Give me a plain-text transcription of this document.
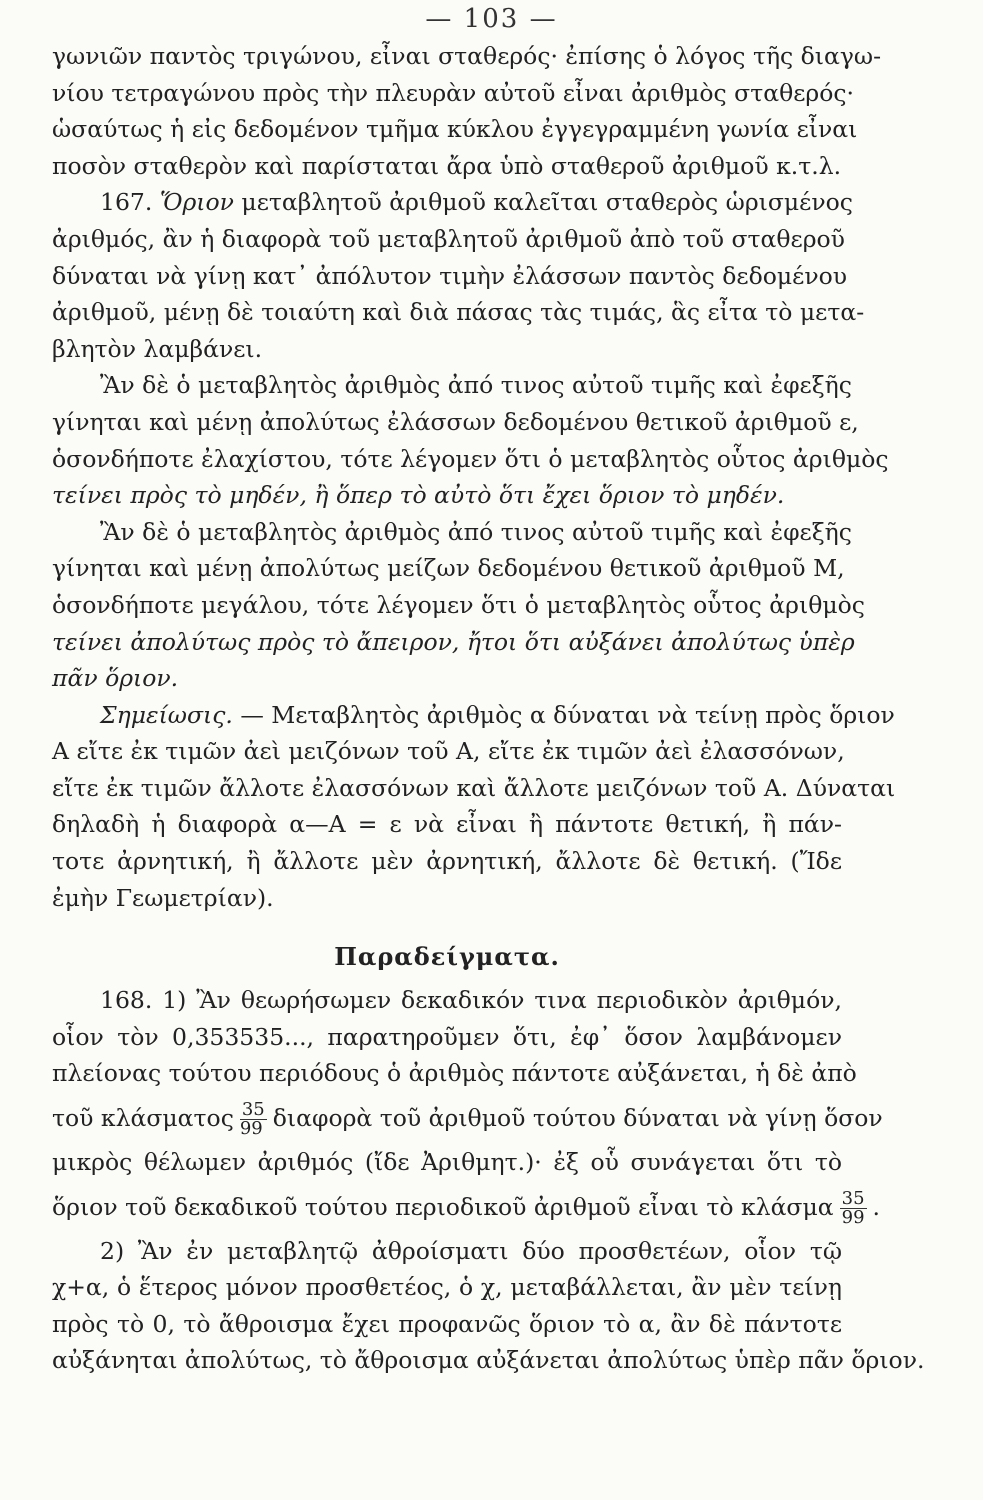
— 103 —
γωνιῶν παντὸς τριγώνου, εἶναι σταθερός· ἐπίσης ὁ λόγος τῆς διαγω-
νίου τετραγώνου πρὸς τὴν πλευρὰν αὐτοῦ εἶναι ἀριθμὸς σταθερός·
ὡσαύτως ἡ εἰς δεδομένον τμῆμα κύκλου ἐγγεγραμμένη γωνία εἶναι
ποσὸν σταθερὸν καὶ παρίσταται ἄρα ὑπὸ σταθεροῦ ἀριθμοῦ κ.τ.λ.
167. Ὅριον μεταβλητοῦ ἀριθμοῦ καλεῖται σταθερὸς ὡρισμένος
ἀριθμός, ἂν ἡ διαφορὰ τοῦ μεταβλητοῦ ἀριθμοῦ ἀπὸ τοῦ σταθεροῦ
δύναται νὰ γίνῃ κατ᾽ ἀπόλυτον τιμὴν ἐλάσσων παντὸς δεδομένου
ἀριθμοῦ, μένῃ δὲ τοιαύτη καὶ διὰ πάσας τὰς τιμάς, ἃς εἶτα τὸ μετα-
βλητὸν λαμβάνει.
Ἂν δὲ ὁ μεταβλητὸς ἀριθμὸς ἀπό τινος αὐτοῦ τιμῆς καὶ ἐφεξῆς
γίνηται καὶ μένῃ ἀπολύτως ἐλάσσων δεδομένου θετικοῦ ἀριθμοῦ ε,
ὁσονδήποτε ἐλαχίστου, τότε λέγομεν ὅτι ὁ μεταβλητὸς οὗτος ἀριθμὸς
τείνει πρὸς τὸ μηδέν, ἢ ὅπερ τὸ αὐτὸ ὅτι ἔχει ὅριον τὸ μηδέν.
Ἂν δὲ ὁ μεταβλητὸς ἀριθμὸς ἀπό τινος αὐτοῦ τιμῆς καὶ ἐφεξῆς
γίνηται καὶ μένῃ ἀπολύτως μείζων δεδομένου θετικοῦ ἀριθμοῦ Μ,
ὁσονδήποτε μεγάλου, τότε λέγομεν ὅτι ὁ μεταβλητὸς οὗτος ἀριθμὸς
τείνει ἀπολύτως πρὸς τὸ ἄπειρον, ἤτοι ὅτι αὐξάνει ἀπολύτως ὑπὲρ
πᾶν ὅριον.
Σημείωσις. — Μεταβλητὸς ἀριθμὸς α δύναται νὰ τείνῃ πρὸς ὅριον
Α εἴτε ἐκ τιμῶν ἀεὶ μειζόνων τοῦ Α, εἴτε ἐκ τιμῶν ἀεὶ ἐλασσόνων,
εἴτε ἐκ τιμῶν ἄλλοτε ἐλασσόνων καὶ ἄλλοτε μειζόνων τοῦ Α. Δύναται
δηλαδὴ ἡ διαφορὰ α—Α = ε νὰ εἶναι ἢ πάντοτε θετική, ἢ πάν-
τοτε ἀρνητική, ἢ ἄλλοτε μὲν ἀρνητική, ἄλλοτε δὲ θετική. (Ἴδε
ἐμὴν Γεωμετρίαν).
Παραδείγματα.
168. 1) Ἂν θεωρήσωμεν δεκαδικόν τινα περιοδικὸν ἀριθμόν,
οἷον τὸν 0,353535..., παρατηροῦμεν ὅτι, ἐφ᾽ ὅσον λαμβάνομεν
πλείονας τούτου περιόδους ὁ ἀριθμὸς πάντοτε αὐξάνεται, ἡ δὲ ἀπὸ
τοῦ κλάσματος $\frac{35}{99}$ διαφορὰ τοῦ ἀριθμοῦ τούτου δύναται νὰ γίνῃ ὅσον
μικρὸς θέλωμεν ἀριθμός (ἴδε Ἀριθμητ.)· ἐξ οὗ συνάγεται ὅτι τὸ
ὅριον τοῦ δεκαδικοῦ τούτου περιοδικοῦ ἀριθμοῦ εἶναι τὸ κλάσμα $\frac{35}{99}$ .
2) Ἂν ἐν μεταβλητῷ ἀθροίσματι δύο προσθετέων, οἷον τῷ
χ+α, ὁ ἕτερος μόνον προσθετέος, ὁ χ, μεταβάλλεται, ἂν μὲν τείνῃ
πρὸς τὸ 0, τὸ ἄθροισμα ἔχει προφανῶς ὅριον τὸ α, ἂν δὲ πάντοτε
αὐξάνηται ἀπολύτως, τὸ ἄθροισμα αὐξάνεται ἀπολύτως ὑπὲρ πᾶν ὅριον.
